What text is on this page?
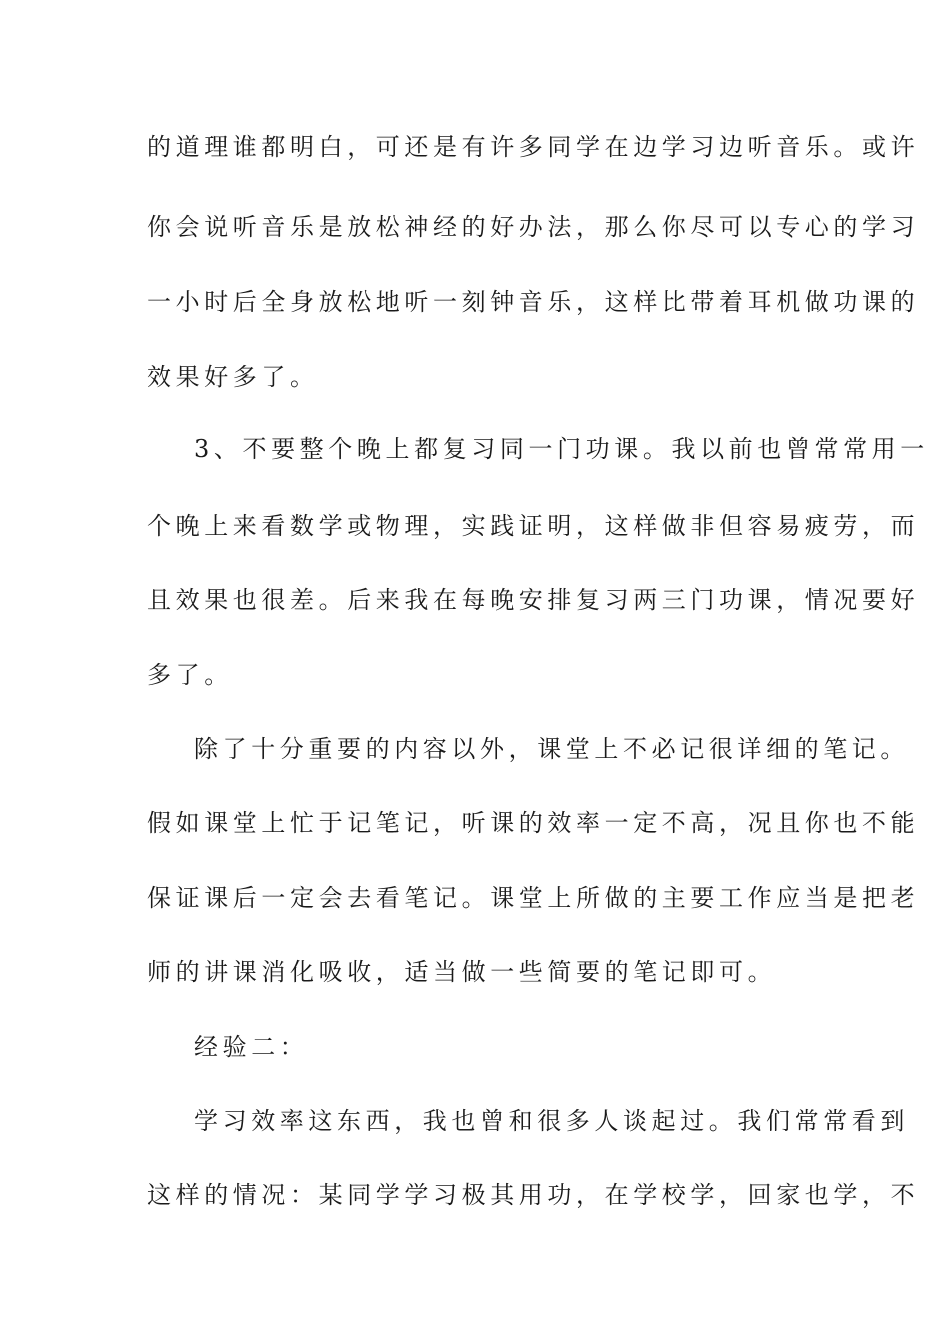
的道理谁都明白，可还是有许多同学在边学习边听音乐。或许
你会说听音乐是放松神经的好办法，那么你尽可以专心的学习
一小时后全身放松地听一刻钟音乐，这样比带着耳机做功课的
效果好多了。
3、不要整个晚上都复习同一门功课。我以前也曾常常用一
个晚上来看数学或物理，实践证明，这样做非但容易疲劳，而
且效果也很差。后来我在每晚安排复习两三门功课，情况要好
多了。
除了十分重要的内容以外，课堂上不必记很详细的笔记。
假如课堂上忙于记笔记，听课的效率一定不高，况且你也不能
保证课后一定会去看笔记。课堂上所做的主要工作应当是把老
师的讲课消化吸收，适当做一些简要的笔记即可。
经验二：
学习效率这东西，我也曾和很多人谈起过。我们常常看到
这样的情况：某同学学习极其用功，在学校学，回家也学，不
